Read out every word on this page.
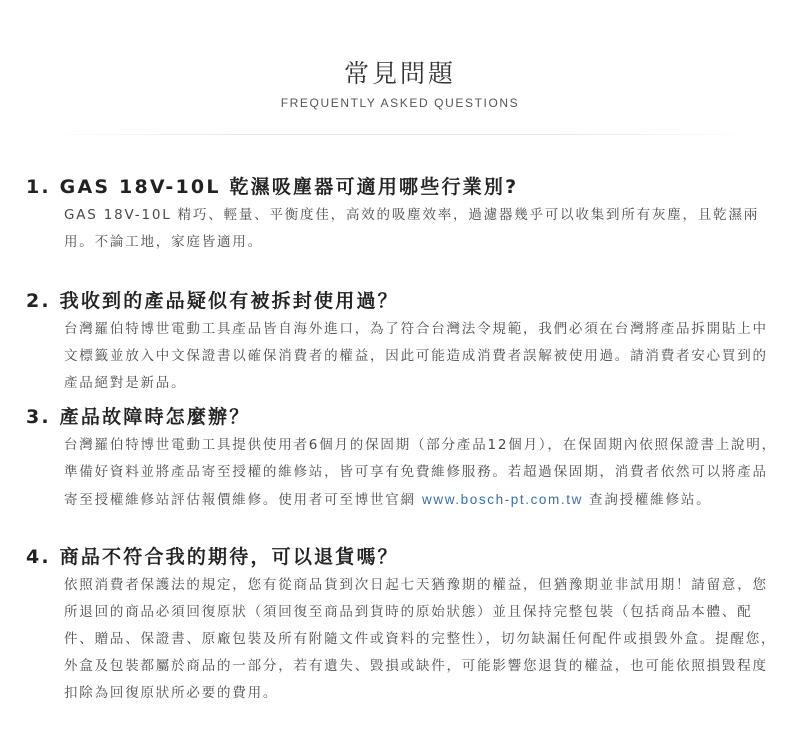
常見問題
FREQUENTLY ASKED QUESTIONS
1. GAS 18V-10L 乾濕吸塵器可適用哪些行業別?
GAS 18V-10L 精巧、輕量、平衡度佳，高效的吸塵效率，過濾器幾乎可以收集到所有灰塵，且乾濕兩用。不論工地，家庭皆適用。
2. 我收到的產品疑似有被拆封使用過？
台灣羅伯特博世電動工具產品皆自海外進口，為了符合台灣法令規範，我們必須在台灣將產品拆開貼上中文標籤並放入中文保證書以確保消費者的權益，因此可能造成消費者誤解被使用過。請消費者安心買到的產品絕對是新品。
3. 產品故障時怎麼辦？
台灣羅伯特博世電動工具提供使用者6個月的保固期（部分產品12個月），在保固期內依照保證書上說明，準備好資料並將產品寄至授權的維修站，皆可享有免費維修服務。若超過保固期，消費者依然可以將產品寄至授權維修站評估報價維修。使用者可至博世官網 www.bosch-pt.com.tw 查詢授權維修站。
4. 商品不符合我的期待，可以退貨嗎？
依照消費者保護法的規定，您有從商品貨到次日起七天猶豫期的權益，但猶豫期並非試用期！請留意，您所退回的商品必須回復原狀（須回復至商品到貨時的原始狀態）並且保持完整包裝（包括商品本體、配件、贈品、保證書、原廠包裝及所有附隨文件或資料的完整性），切勿缺漏任何配件或損毀外盒。提醒您，外盒及包裝都屬於商品的一部分，若有遺失、毀損或缺件，可能影響您退貨的權益，也可能依照損毀程度扣除為回復原狀所必要的費用。
